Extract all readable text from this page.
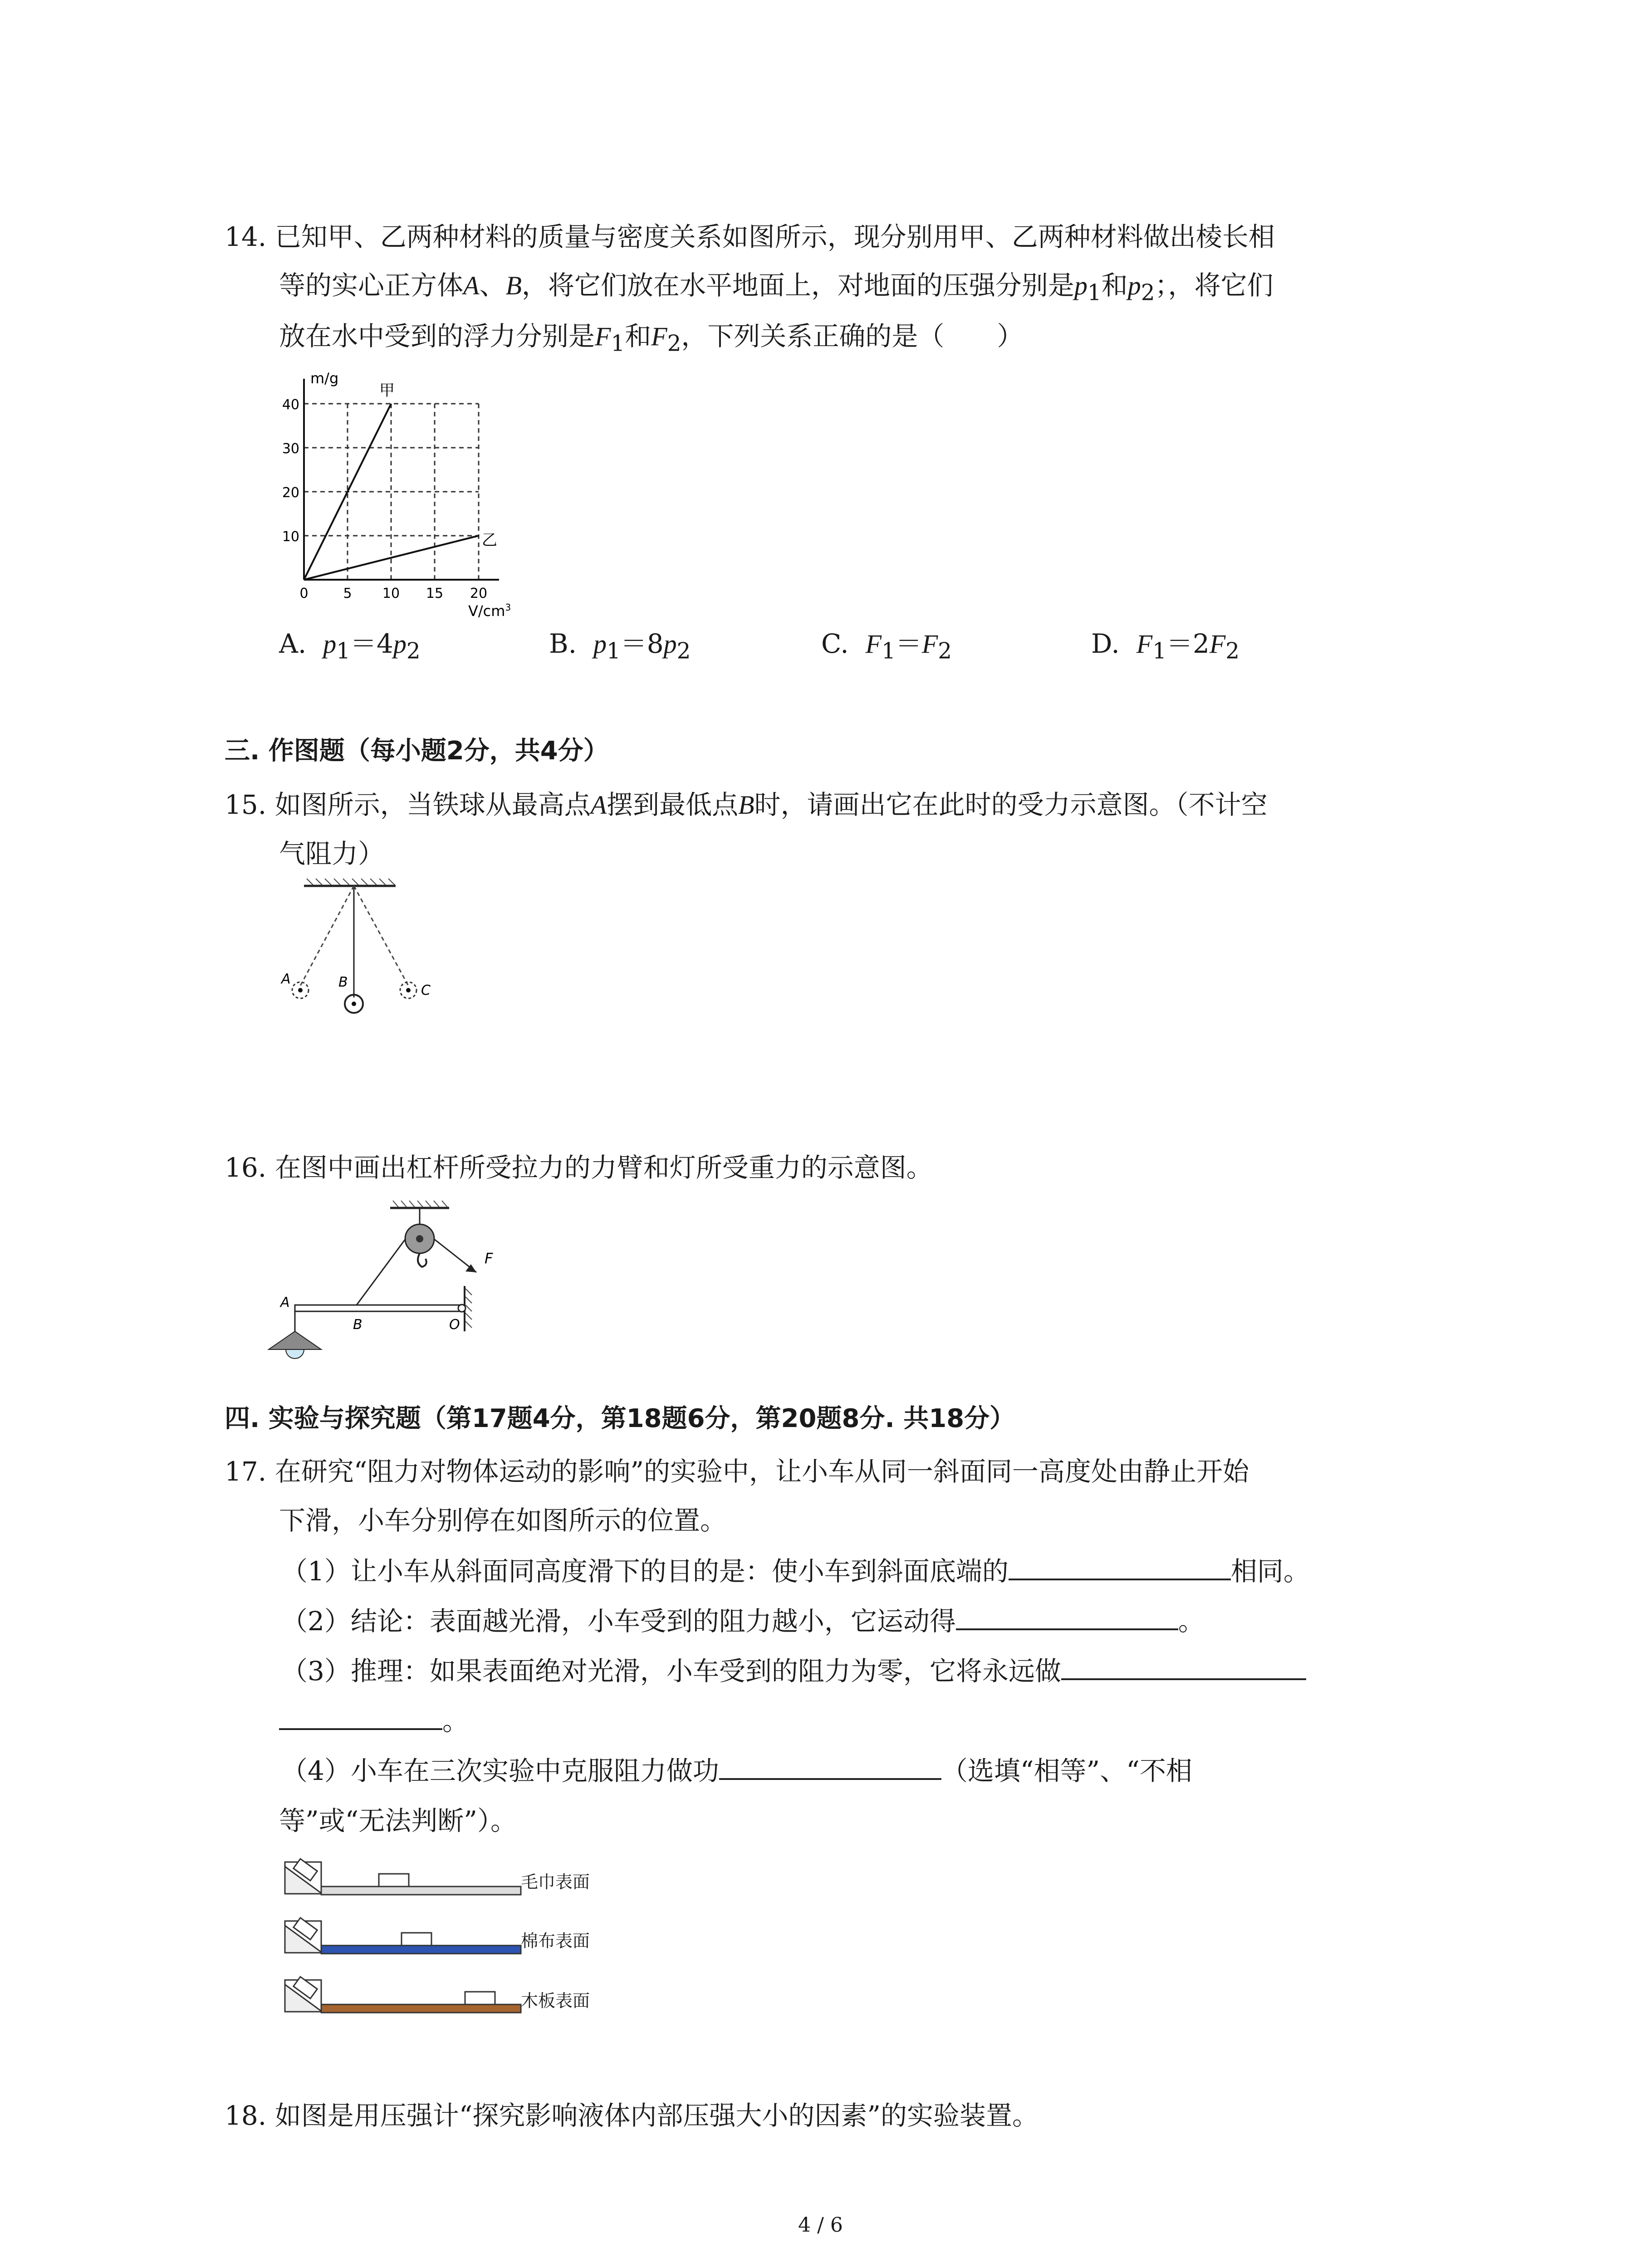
14. 已知甲、乙两种材料的质量与密度关系如图所示，现分别用甲、乙两种材料做出棱长相
等的实心正方体A、B，将它们放在水平地面上，对地面的压强分别是$p_1$和$p_2$；，将它们
放在水中受到的浮力分别是$F_1$和$F_2$，下列关系正确的是（　　）
m/g
甲
乙
40
30
20
10
0	5 10 15 20
$V/cm^3$
A. $p_1=4p_2$	B. $p_1=8p_2$	C. $F_1=F_2$	D. $F_1=2F_2$
三. 作图题（每小题2分，共4分）
15. 如图所示，当铁球从最高点A摆到最低点B时，请画出它在此时的受力示意图。（不计空
气阻力）
A	B
C
16. 在图中画出杠杆所受拉力的力臂和灯所受重力的示意图。
F
A
B	O
四. 实验与探究题（第17题4分，第18题6分，第20题8分. 共18分）
17. 在研究“阻力对物体运动的影响”的实验中，让小车从同一斜面同一高度处由静止开始
下滑，小车分别停在如图所示的位置。
（1）让小车从斜面同高度滑下的目的是：使小车到斜面底端的	相同。
（2）结论：表面越光滑，小车受到的阻力越小，它运动得	。
（3）推理：如果表面绝对光滑，小车受到的阻力为零，它将永远做
。
（4）小车在三次实验中克服阻力做功	（选填“相等”、“不相
等”或“无法判断”）。
毛巾表面
棉布表面
木板表面
18. 如图是用压强计“探究影响液体内部压强大小的因素”的实验装置。
4 / 6
